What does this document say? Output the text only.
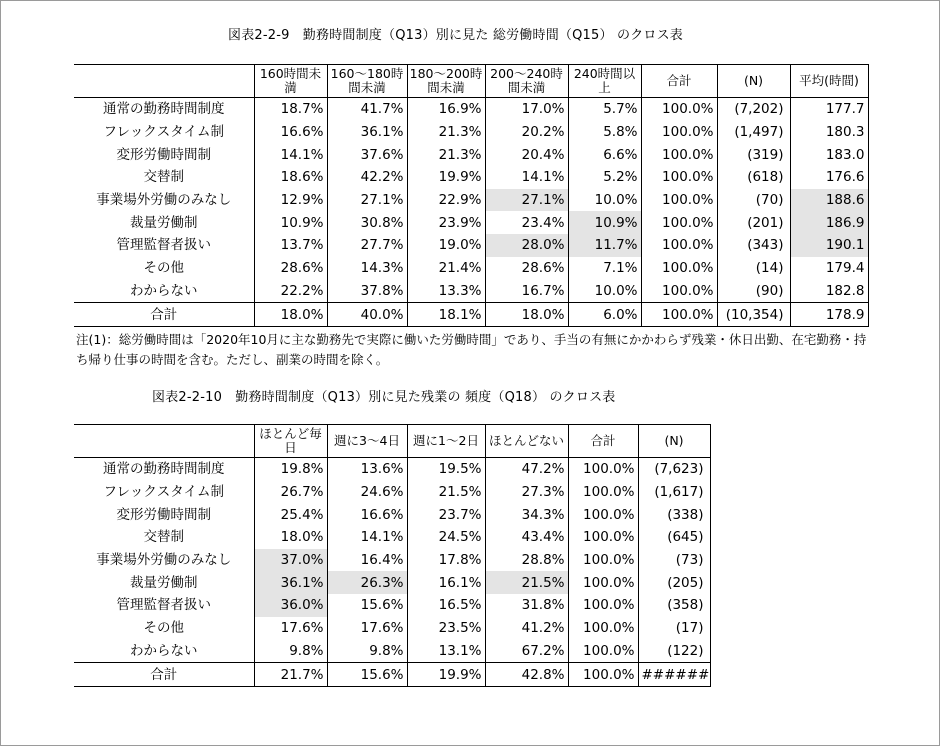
図表2-2-9　勤務時間制度（Q13）別に見た 総労働時間（Q15） のクロス表
	160時間未満	160～180時間未満	180～200時間未満	200～240時間未満	240時間以上	合計	(N)	平均(時間)
通常の勤務時間制度	18.7%	41.7%	16.9%	17.0%	5.7%	100.0%	(7,202)	177.7
フレックスタイム制	16.6%	36.1%	21.3%	20.2%	5.8%	100.0%	(1,497)	180.3
変形労働時間制	14.1%	37.6%	21.3%	20.4%	6.6%	100.0%	(319)	183.0
交替制	18.6%	42.2%	19.9%	14.1%	5.2%	100.0%	(618)	176.6
事業場外労働のみなし	12.9%	27.1%	22.9%	27.1%	10.0%	100.0%	(70)	188.6
裁量労働制	10.9%	30.8%	23.9%	23.4%	10.9%	100.0%	(201)	186.9
管理監督者扱い	13.7%	27.7%	19.0%	28.0%	11.7%	100.0%	(343)	190.1
その他	28.6%	14.3%	21.4%	28.6%	7.1%	100.0%	(14)	179.4
わからない	22.2%	37.8%	13.3%	16.7%	10.0%	100.0%	(90)	182.8
合計	18.0%	40.0%	18.1%	18.0%	6.0%	100.0%	(10,354)	178.9
注(1)：総労働時間は「2020年10月に主な勤務先で実際に働いた労働時間」であり、手当の有無にかかわらず残業・休日出勤、在宅勤務・持ち帰り仕事の時間を含む。ただし、副業の時間を除く。
図表2-2-10　勤務時間制度（Q13）別に見た残業の 頻度（Q18） のクロス表
	ほとんど毎日	週に3～4日	週に1～2日	ほとんどない	合計	(N)
通常の勤務時間制度	19.8%	13.6%	19.5%	47.2%	100.0%	(7,623)
フレックスタイム制	26.7%	24.6%	21.5%	27.3%	100.0%	(1,617)
変形労働時間制	25.4%	16.6%	23.7%	34.3%	100.0%	(338)
交替制	18.0%	14.1%	24.5%	43.4%	100.0%	(645)
事業場外労働のみなし	37.0%	16.4%	17.8%	28.8%	100.0%	(73)
裁量労働制	36.1%	26.3%	16.1%	21.5%	100.0%	(205)
管理監督者扱い	36.0%	15.6%	16.5%	31.8%	100.0%	(358)
その他	17.6%	17.6%	23.5%	41.2%	100.0%	(17)
わからない	9.8%	9.8%	13.1%	67.2%	100.0%	(122)
合計	21.7%	15.6%	19.9%	42.8%	100.0%	######
